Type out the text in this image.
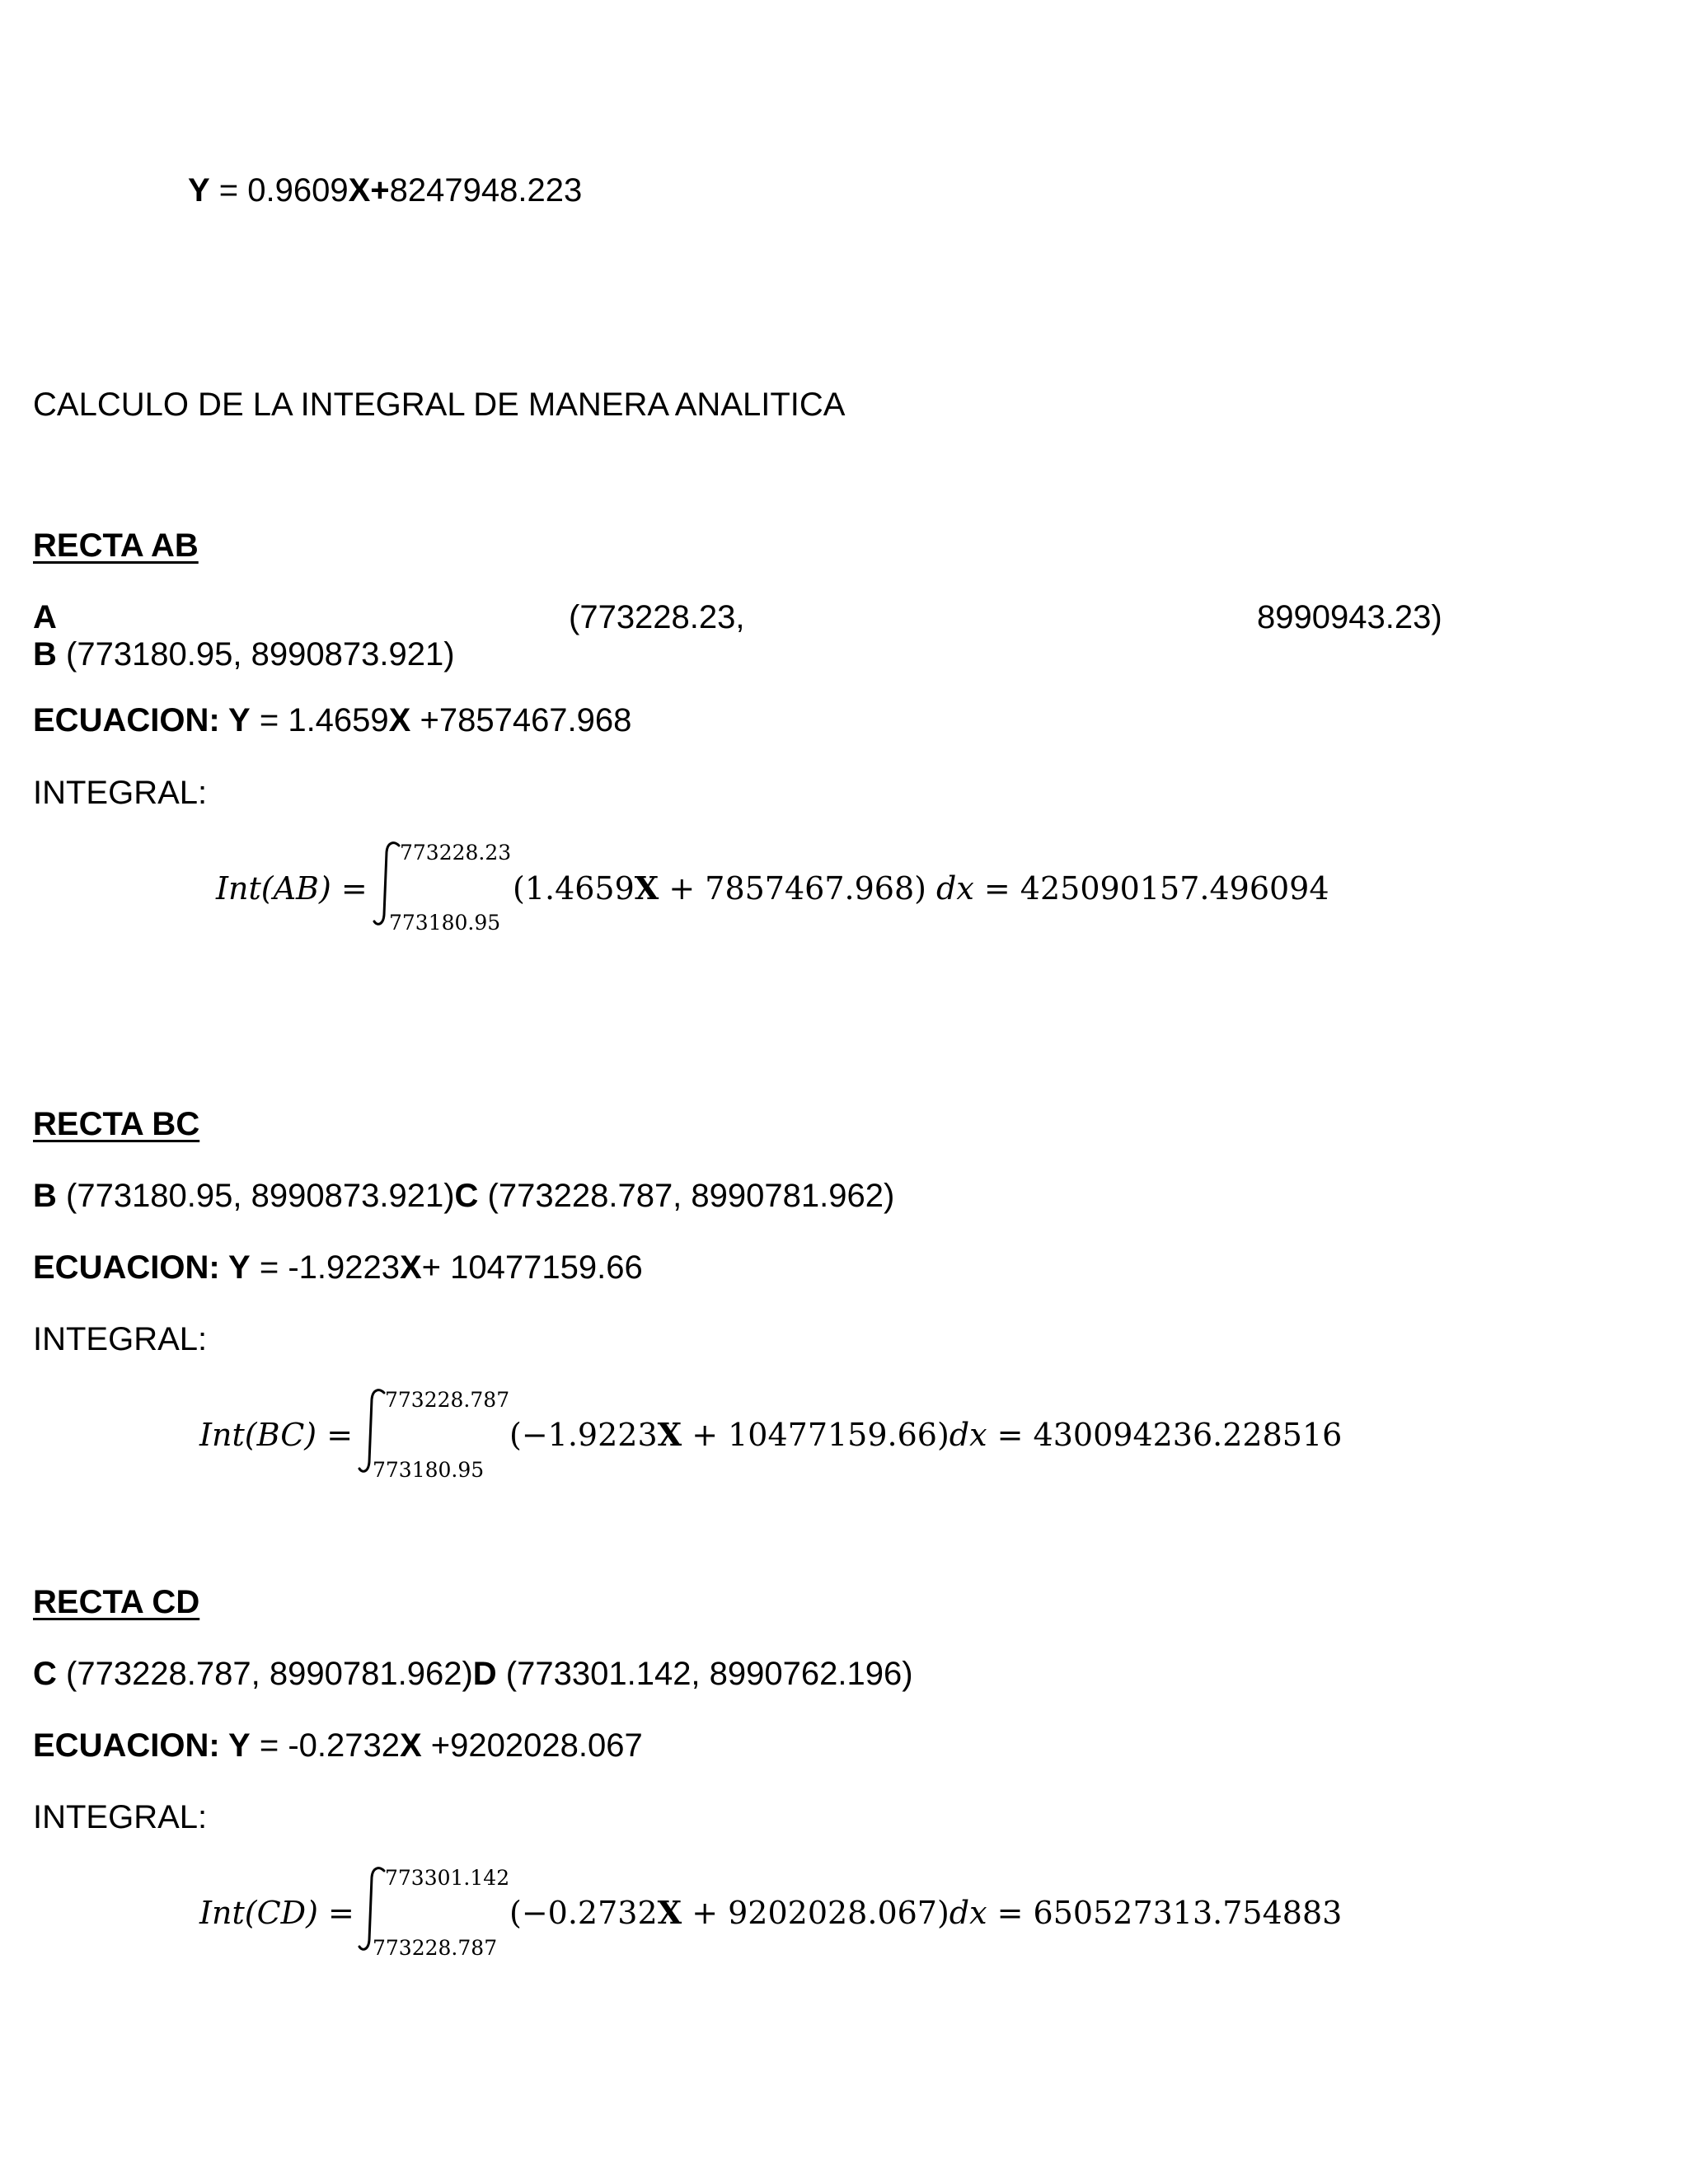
Y = 0.9609X+8247948.223
CALCULO DE LA INTEGRAL DE MANERA ANALITICA
RECTA AB
A	(773228.23,	8990943.23)
B (773180.95, 8990873.921)
ECUACION: Y = 1.4659X +7857467.968
INTEGRAL:
Int(AB) =
773228.23
773180.95
(1.4659X + 7857467.968) dx = 425090157.496094
RECTA BC
B (773180.95, 8990873.921)C (773228.787, 8990781.962)
ECUACION: Y = -1.9223X+ 10477159.66
INTEGRAL:
Int(BC) =
773228.787
773180.95
(−1.9223X + 10477159.66)dx = 430094236.228516
RECTA CD
C (773228.787, 8990781.962)D (773301.142, 8990762.196)
ECUACION: Y = -0.2732X +9202028.067
INTEGRAL:
Int(CD) =
773301.142
773228.787
(−0.2732X + 9202028.067)dx = 650527313.754883
